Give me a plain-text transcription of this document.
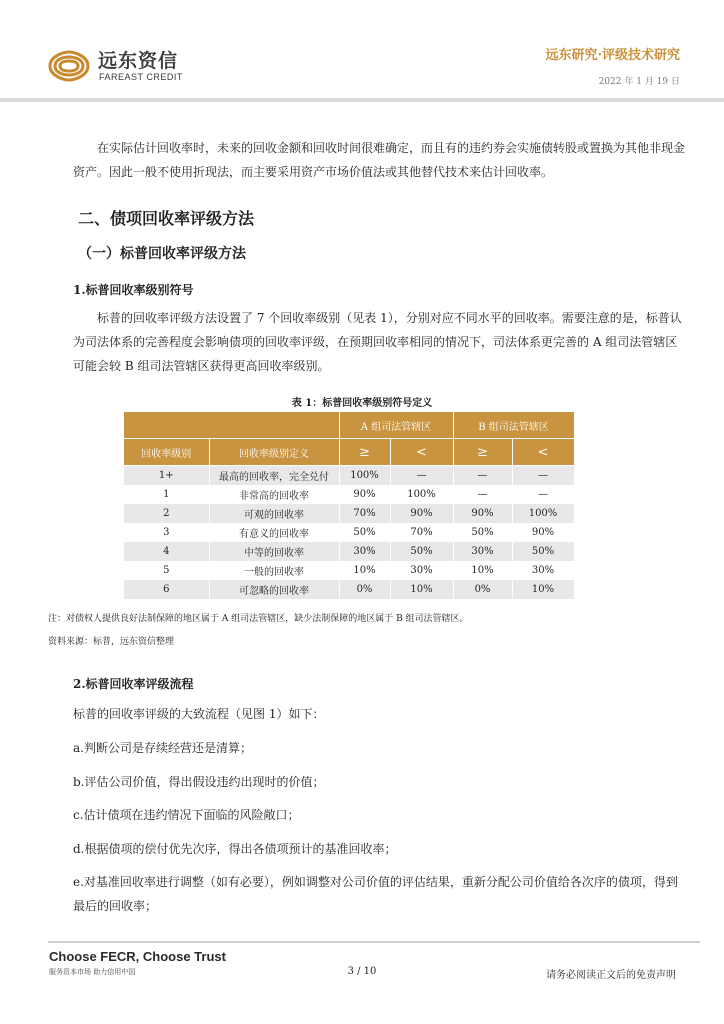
远东资信
FAREAST CREDIT
远东研究·评级技术研究
2022 年 1 月 19 日
在实际估计回收率时，未来的回收金额和回收时间很难确定，而且有的违约券会实施债转股或置换为其他非现金资产。因此一般不使用折现法，而主要采用资产市场价值法或其他替代技术来估计回收率。
二、债项回收率评级方法
（一）标普回收率评级方法
1.标普回收率级别符号
标普的回收率评级方法设置了 7 个回收率级别（见表 1），分别对应不同水平的回收率。需要注意的是，标普认为司法体系的完善程度会影响债项的回收率评级，在预期回收率相同的情况下，司法体系更完善的 A 组司法管辖区可能会较 B 组司法管辖区获得更高回收率级别。
表 1：标普回收率级别符号定义
		A 组司法管辖区		B 组司法管辖区	
回收率级别	回收率级别定义	≥	<	≥	<
1+	最高的回收率，完全兑付	100%	—	—	—
1	非常高的回收率	90%	100%	—	—
2	可观的回收率	70%	90%	90%	100%
3	有意义的回收率	50%	70%	50%	90%
4	中等的回收率	30%	50%	30%	50%
5	一般的回收率	10%	30%	10%	30%
6	可忽略的回收率	0%	10%	0%	10%
注：对债权人提供良好法制保障的地区属于 A 组司法管辖区，缺少法制保障的地区属于 B 组司法管辖区。
资料来源：标普，远东资信整理
2.标普回收率评级流程
标普的回收率评级的大致流程（见图 1）如下：
a.判断公司是存续经营还是清算；
b.评估公司价值，得出假设违约出现时的价值；
c.估计债项在违约情况下面临的风险敞口；
d.根据债项的偿付优先次序，得出各债项预计的基准回收率；
e.对基准回收率进行调整（如有必要），例如调整对公司价值的评估结果，重新分配公司价值给各次序的债项，得到最后的回收率；
Choose FECR, Choose Trust
服务资本市场 助力信用中国	3 / 10	请务必阅读正文后的免责声明
